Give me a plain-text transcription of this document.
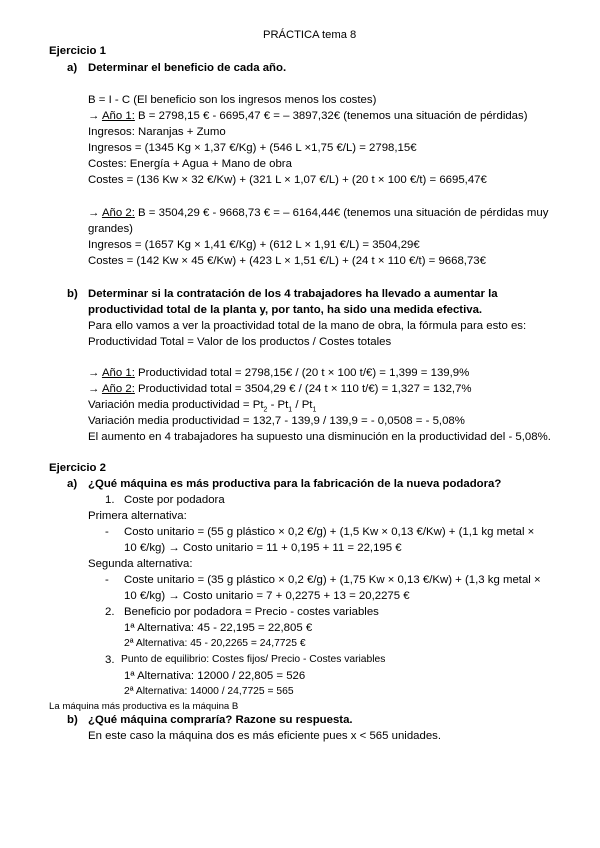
PRÁCTICA tema 8
Ejercicio 1
a) Determinar el beneficio de cada año.
B = I - C (El beneficio son los ingresos menos los costes)
→ Año 1: B = 2798,15 € - 6695,47 € = – 3897,32€ (tenemos una situación de pérdidas)
Ingresos: Naranjas + Zumo
Ingresos = (1345 Kg × 1,37 €/Kg) + (546 L ×1,75 €/L) = 2798,15€
Costes: Energía + Agua + Mano de obra
Costes = (136 Kw × 32 €/Kw) + (321 L × 1,07 €/L) + (20 t × 100 €/t) = 6695,47€
→ Año 2: B = 3504,29 € - 9668,73 € = – 6164,44€ (tenemos una situación de pérdidas muy
grandes)
Ingresos = (1657 Kg × 1,41 €/Kg) + (612 L × 1,91 €/L) = 3504,29€
Costes = (142 Kw × 45 €/Kw) + (423 L × 1,51 €/L) + (24 t × 110 €/t) = 9668,73€
b) Determinar si la contratación de los 4 trabajadores ha llevado a aumentar la
productividad total de la planta y, por tanto, ha sido una medida efectiva.
Para ello vamos a ver la proactividad total de la mano de obra, la fórmula para esto es:
Productividad Total = Valor de los productos / Costes totales
→ Año 1: Productividad total = 2798,15€ / (20 t × 100 t/€) = 1,399 = 139,9%
→ Año 2: Productividad total = 3504,29 € / (24 t × 110 t/€) = 1,327 = 132,7%
Variación media productividad = $Pt_2 - Pt_1 / Pt_1$
Variación media productividad = 132,7 - 139,9 / 139,9 = - 0,0508 = - 5,08%
El aumento en 4 trabajadores ha supuesto una disminución en la productividad del - 5,08%.
Ejercicio 2
a) ¿Qué máquina es más productiva para la fabricación de la nueva podadora?
1. Coste por podadora
Primera alternativa:
- Costo unitario = (55 g plástico × 0,2 €/g) + (1,5 Kw × 0,13 €/Kw) + (1,1 kg metal ×
10 €/kg) → Costo unitario = 11 + 0,195 + 11 = 22,195 €
Segunda alternativa:
- Coste unitario = (35 g plástico × 0,2 €/g) + (1,75 Kw × 0,13 €/Kw) + (1,3 kg metal ×
10 €/kg) → Costo unitario = 7 + 0,2275 + 13 = 20,2275 €
2. Beneficio por podadora = Precio - costes variables
1ª Alternativa: 45 - 22,195 = 22,805 €
2ª Alternativa: 45 - 20,2265 = 24,7725 €
3. Punto de equilibrio: Costes fijos/ Precio - Costes variables
1ª Alternativa: 12000 / 22,805 = 526
2ª Alternativa: 14000 / 24,7725 = 565
La máquina más productiva es la máquina B
b) ¿Qué máquina compraría? Razone su respuesta.
En este caso la máquina dos es más eficiente pues x < 565 unidades.
